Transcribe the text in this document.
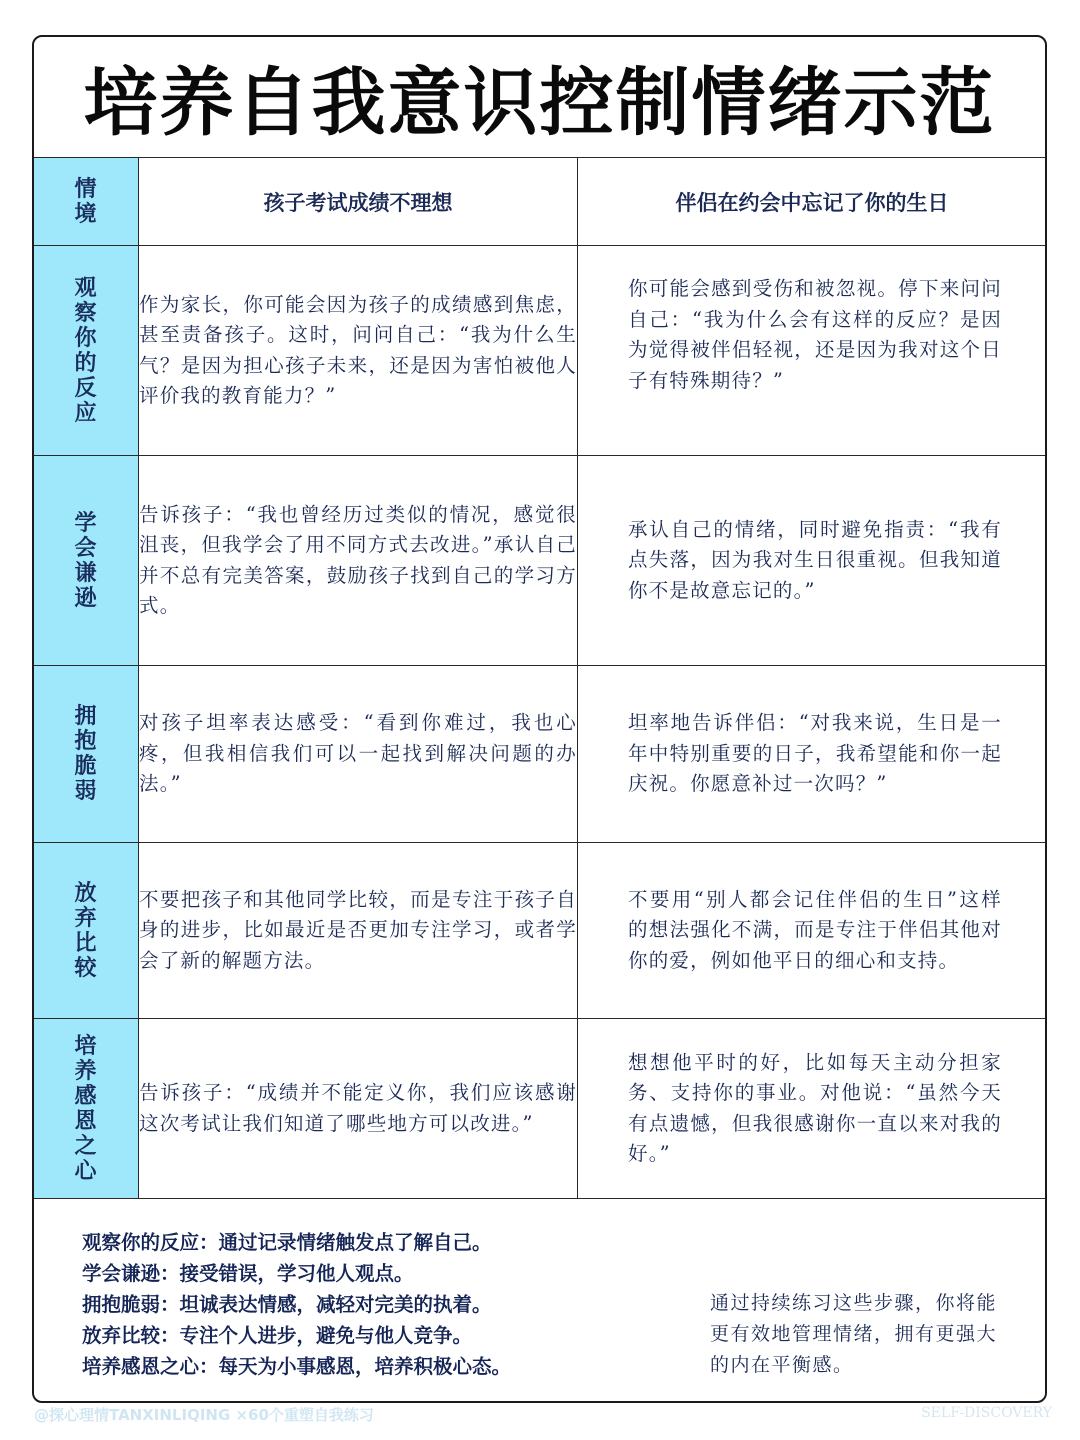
培养自我意识控制情绪示范
情境	孩子考试成绩不理想	伴侣在约会中忘记了你的生日
观察你的反应	作为家长，你可能会因为孩子的成绩感到焦虑，甚至责备孩子。这时，问问自己：“我为什么生气？是因为担心孩子未来，还是因为害怕被他人评价我的教育能力？”	你可能会感到受伤和被忽视。停下来问问自己：“我为什么会有这样的反应？是因为觉得被伴侣轻视，还是因为我对这个日子有特殊期待？”
学会谦逊	告诉孩子：“我也曾经历过类似的情况，感觉很沮丧，但我学会了用不同方式去改进。”承认自己并不总有完美答案，鼓励孩子找到自己的学习方式。	承认自己的情绪，同时避免指责：“我有点失落，因为我对生日很重视。但我知道你不是故意忘记的。”
拥抱脆弱	对孩子坦率表达感受：“看到你难过，我也心疼，但我相信我们可以一起找到解决问题的办法。”	坦率地告诉伴侣：“对我来说，生日是一年中特别重要的日子，我希望能和你一起庆祝。你愿意补过一次吗？”
放弃比较	不要把孩子和其他同学比较，而是专注于孩子自身的进步，比如最近是否更加专注学习，或者学会了新的解题方法。	不要用“别人都会记住伴侣的生日”这样的想法强化不满，而是专注于伴侣其他对你的爱，例如他平日的细心和支持。
培养感恩之心	告诉孩子：“成绩并不能定义你，我们应该感谢这次考试让我们知道了哪些地方可以改进。”	想想他平时的好，比如每天主动分担家务、支持你的事业。对他说：“虽然今天有点遗憾，但我很感谢你一直以来对我的好。”
观察你的反应：通过记录情绪触发点了解自己。
学会谦逊：接受错误，学习他人观点。
拥抱脆弱：坦诚表达情感，减轻对完美的执着。
放弃比较：专注个人进步，避免与他人竞争。
培养感恩之心：每天为小事感恩，培养积极心态。
通过持续练习这些步骤，你将能更有效地管理情绪，拥有更强大的内在平衡感。
@探心理情TANXINLIQING ×60个重塑自我练习	SELF-DISCOVERY
